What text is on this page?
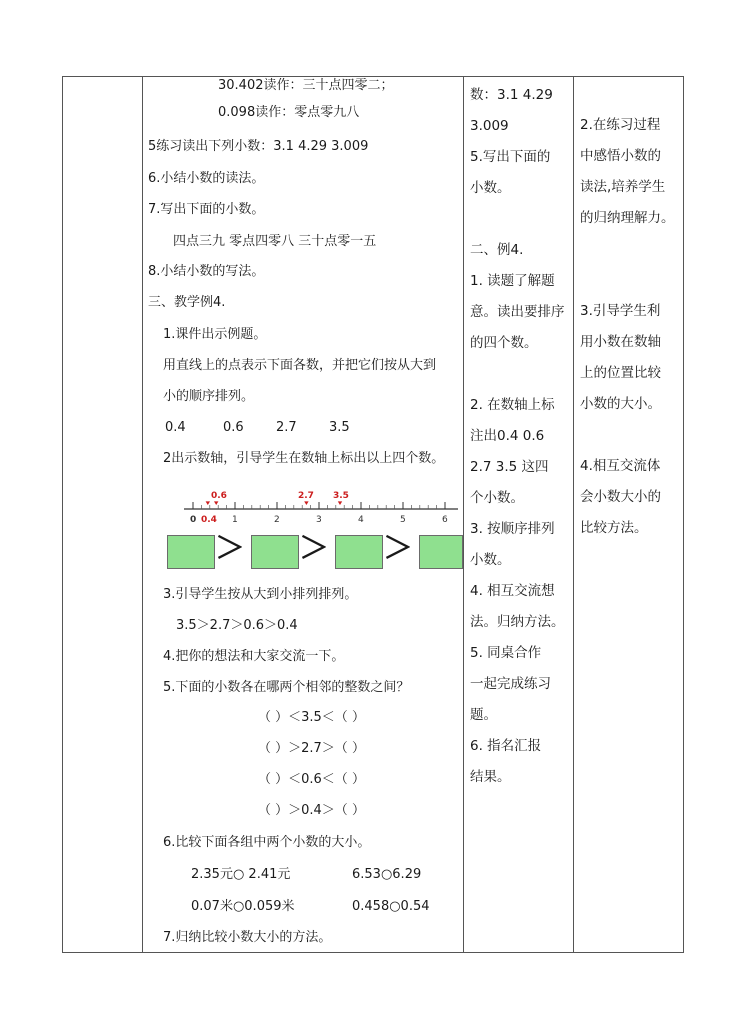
30.402读作：三十点四零二；
0.098读作：零点零九八
5练习读出下列小数：3.1 4.29 3.009
6.小结小数的读法。
7.写出下面的小数。
四点三九 零点四零八 三十点零一五
8.小结小数的写法。
三、教学例4.
1.课件出示例题。
用直线上的点表示下面各数，并把它们按从大到
小的顺序排列。
0.4	0.6 2.7 3.5
2出示数轴，引导学生在数轴上标出以上四个数。
0	1	2	3	4	5	6
0.6
0.4
2.7 3.5
＞ ＞ ＞
3.引导学生按从大到小排列排列。
3.5＞2.7＞0.6＞0.4
4.把你的想法和大家交流一下。
5.下面的小数各在哪两个相邻的整数之间？
（ ）＜3.5＜（ ）
（ ）＞2.7＞（ ）
（ ）＜0.6＜（ ）
（ ）＞0.4＞（ ）
6.比较下面各组中两个小数的大小。
2.35元○ 2.41元	6.53○6.29
0.07米○0.059米	0.458○0.54
7.归纳比较小数大小的方法。

数：3.1 4.29

3.009

5.写出下面的

小数。

二、例4.

1. 读题了解题

意。读出要排序

的四个数。

2. 在数轴上标

注出0.4 0.6

2.7 3.5 这四

个小数。

3. 按顺序排列

小数。

4. 相互交流想

法。归纳方法。

5. 同桌合作

一起完成练习

题。

6. 指名汇报

结果。

2.在练习过程

中感悟小数的

读法,培养学生

的归纳理解力。

3.引导学生利

用小数在数轴

上的位置比较

小数的大小。

4.相互交流体

会小数大小的

比较方法。
